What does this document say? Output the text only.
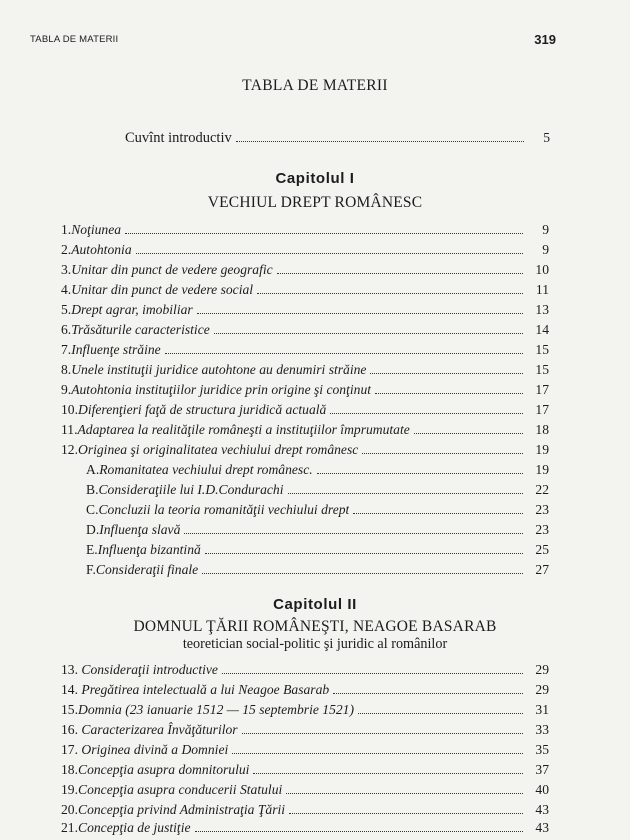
TABLA DE MATERII	319
TABLA DE MATERII
Cuvînt introductiv	5
Capitolul I
VECHIUL DREPT ROMÂNESC
1.Noţiunea	9
2.Autohtonia	9
3.Unitar din punct de vedere geografic	10
4.Unitar din punct de vedere social	11
5.Drept agrar, imobiliar	13
6.Trăsăturile caracteristice	14
7.Influenţe străine	15
8.Unele instituţii juridice autohtone au denumiri străine	15
9.Autohtonia instituţiilor juridice prin origine şi conţinut	17
10.Diferenţieri faţă de structura juridică actuală	17
11.Adaptarea la realităţile româneşti a instituţiilor împrumutate	18
12.Originea şi originalitatea vechiului drept românesc	19
A.Romanitatea vechiului drept românesc.	19
B.Consideraţiile lui I.D.Condurachi	22
C.Concluzii la teoria romanităţii vechiului drept	23
D.Influenţa slavă	23
E.Influenţa bizantină	25
F.Consideraţii finale	27
Capitolul II
DOMNUL ŢĂRII ROMÂNEŞTI, NEAGOE BASARAB
teoretician social-politic şi juridic al românilor
13. Consideraţii introductive	29
14. Pregătirea intelectuală a lui Neagoe Basarab	29
15.Domnia (23 ianuarie 1512 — 15 septembrie 1521)	31
16. Caracterizarea Învăţăturilor	33
17. Originea divină a Domniei	35
18.Concepţia asupra domnitorului	37
19.Concepţia asupra conducerii Statului	40
20.Concepţia privind Administraţia Ţării	43
21.Concepţia de justiţie	43
